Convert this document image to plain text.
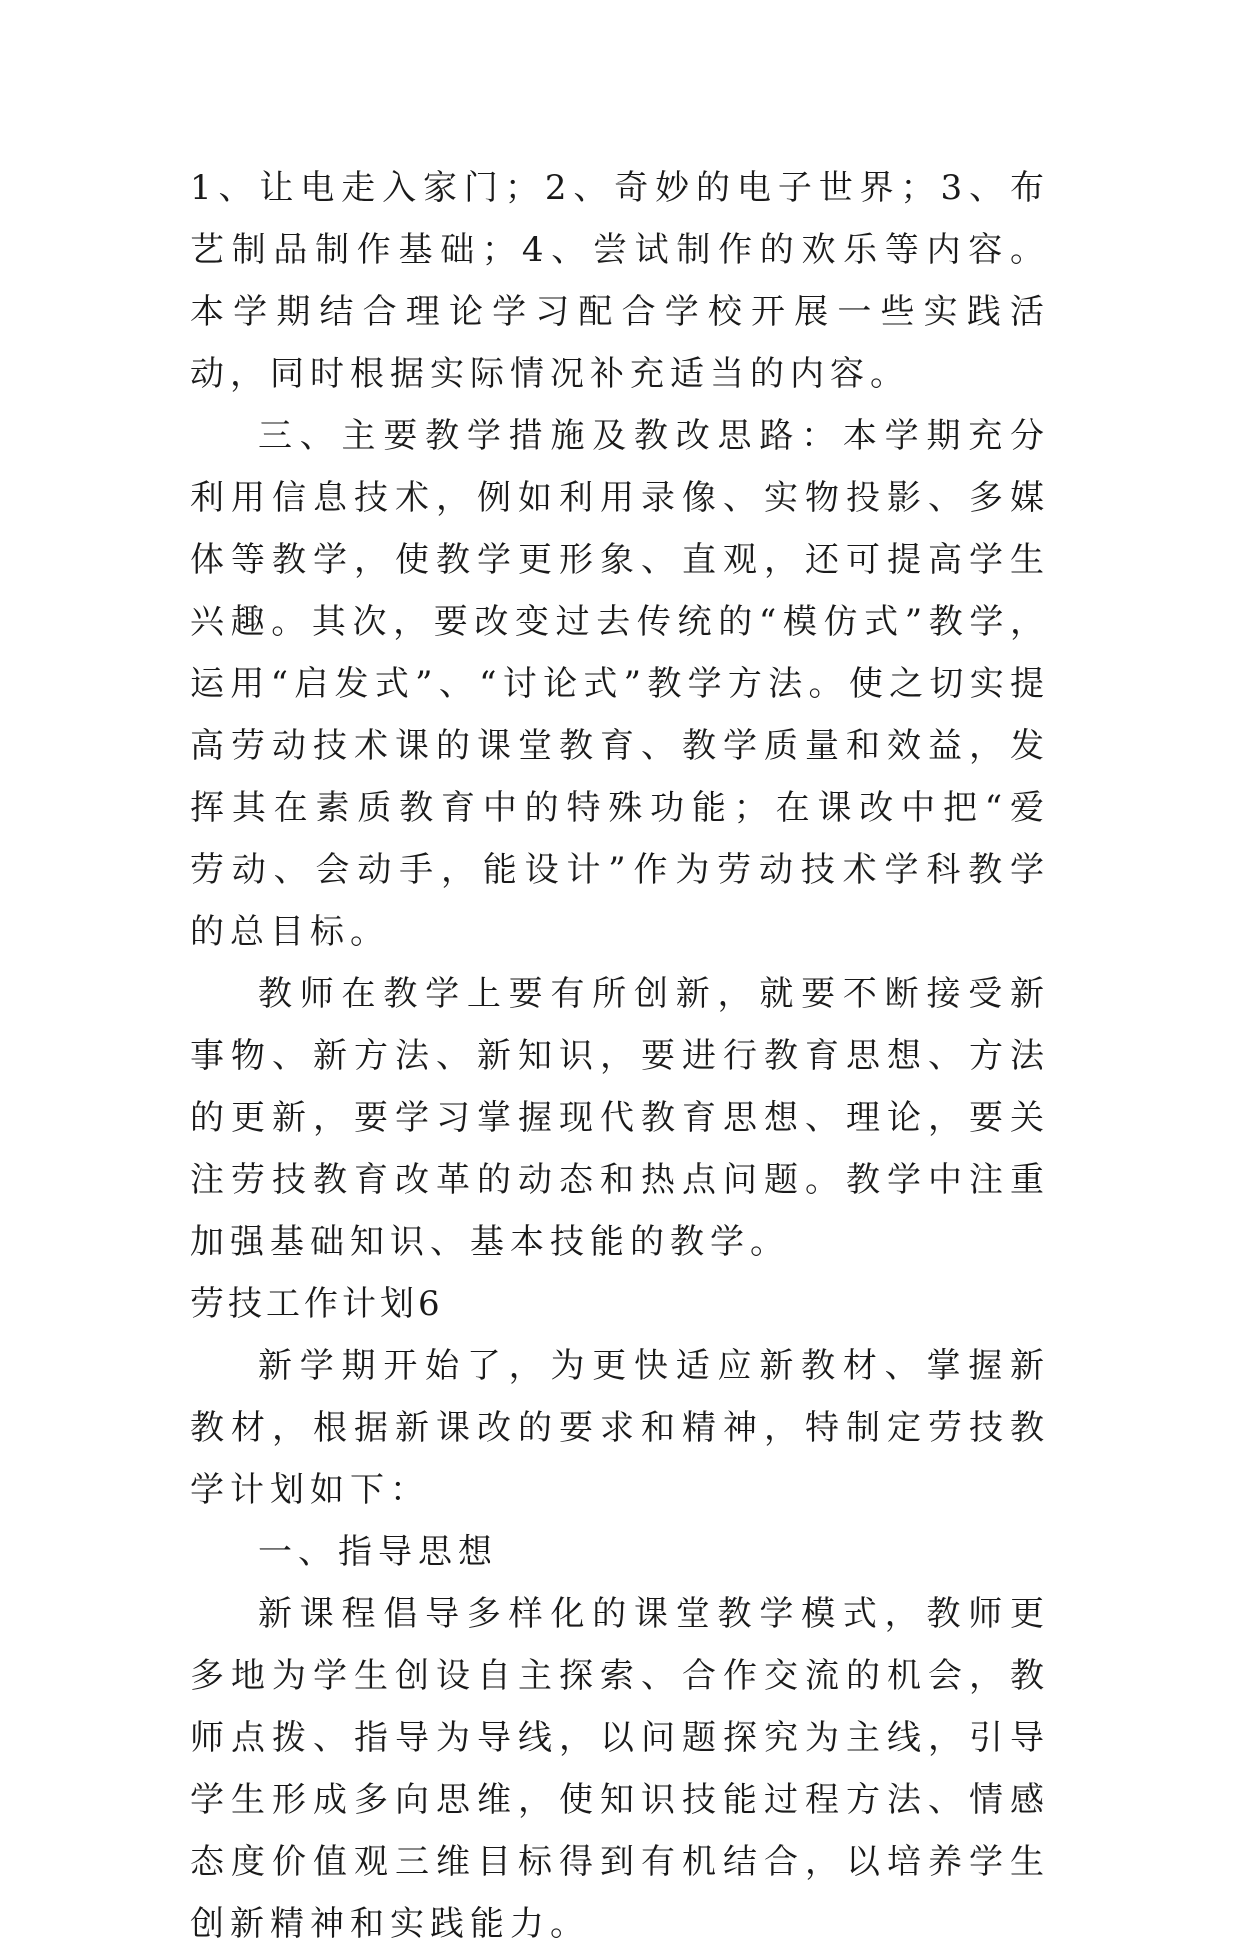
1、让电走入家门；2、奇妙的电子世界；3、布艺制品制作基础；4、尝试制作的欢乐等内容。本学期结合理论学习配合学校开展一些实践活动，同时根据实际情况补充适当的内容。

三、主要教学措施及教改思路：本学期充分利用信息技术，例如利用录像、实物投影、多媒体等教学，使教学更形象、直观，还可提高学生兴趣。其次，要改变过去传统的“模仿式”教学，运用“启发式”、“讨论式”教学方法。使之切实提高劳动技术课的课堂教育、教学质量和效益，发挥其在素质教育中的特殊功能；在课改中把“爱劳动、会动手，能设计”作为劳动技术学科教学的总目标。

教师在教学上要有所创新，就要不断接受新事物、新方法、新知识，要进行教育思想、方法的更新，要学习掌握现代教育思想、理论，要关注劳技教育改革的动态和热点问题。教学中注重加强基础知识、基本技能的教学。

劳技工作计划6

新学期开始了，为更快适应新教材、掌握新教材，根据新课改的要求和精神，特制定劳技教学计划如下：

一、指导思想

新课程倡导多样化的课堂教学模式，教师更多地为学生创设自主探索、合作交流的机会，教师点拨、指导为导线，以问题探究为主线，引导学生形成多向思维，使知识技能过程方法、情感态度价值观三维目标得到有机结合，以培养学生创新精神和实践能力。
